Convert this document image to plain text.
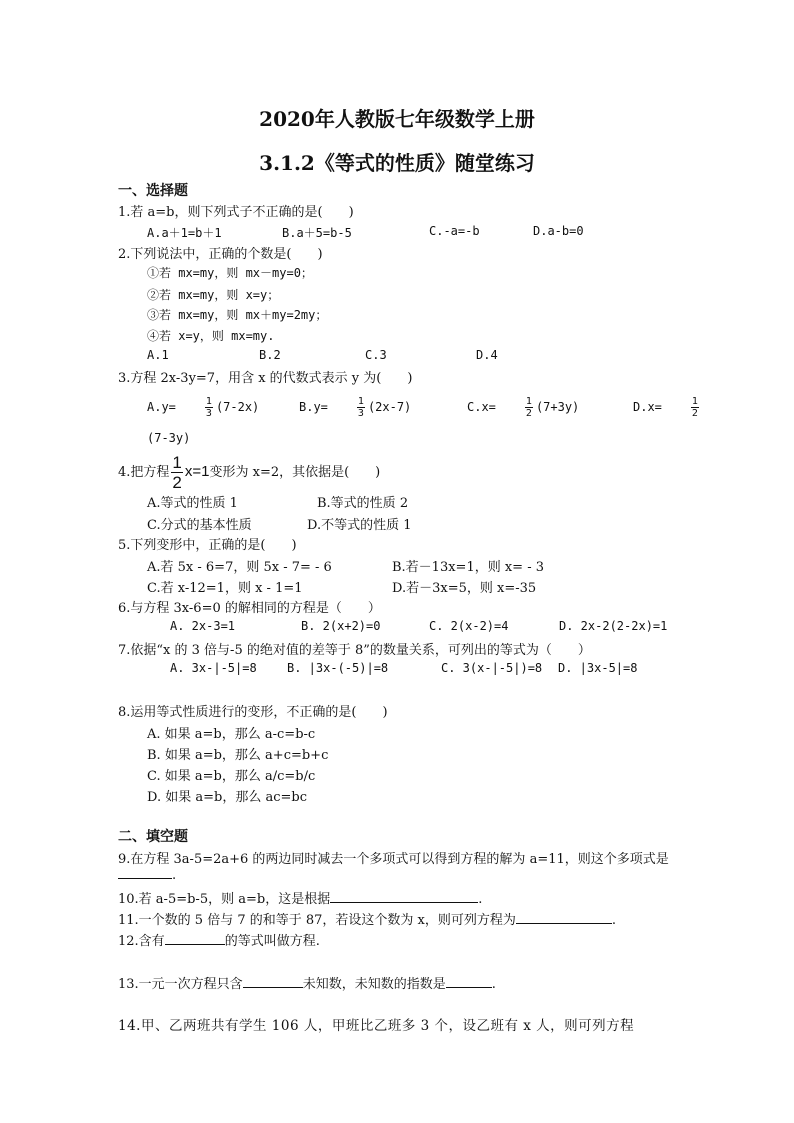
2020年人教版七年级数学上册
3.1.2《等式的性质》随堂练习
一、选择题
1.若 a=b，则下列式子不正确的是(　　)
A.a＋1=b＋1	B.a＋5=b-5	C.-a=-b	D.a-b=0
2.下列说法中，正确的个数是(　　)
①若 mx=my，则 mx－my=0；
②若 mx=my，则 x=y；
③若 mx=my，则 mx＋my=2my；
④若 x=y，则 mx=my.
A.1	B.2	C.3	D.4
3.方程 2x-3y=7，用含 x 的代数式表示 y 为(　　)
A.y=	$\frac{1}{3} (7-2x)$	B.y=	$\frac{1}{3} (2x-7)$	C.x=	$\frac{1}{2} (7+3y)$	D.x=	$\frac{1}{2}$
(7-3y)
4.把方程 $\frac{1}{2} x=1$变形为 x=2，其依据是(　　)
A.等式的性质 1	B.等式的性质 2
C.分式的基本性质	D.不等式的性质 1
5.下列变形中，正确的是(　　)
A.若 5x - 6=7，则 5x - 7= - 6	B.若－13x=1，则 x= - 3
C.若 x-12=1，则 x - 1=1	D.若－3x=5，则 x=-35
6.与方程 3x-6=0 的解相同的方程是（　　）
A. 2x-3=1	B. 2(x+2)=0	C. 2(x-2)=4	D. 2x-2(2-2x)=1
7.依据“x 的 3 倍与-5 的绝对值的差等于 8”的数量关系，可列出的等式为（　　）
A. 3x-|-5|=8	B. |3x-(-5)|=8	C. 3(x-|-5|)=8 D. |3x-5|=8
8.运用等式性质进行的变形，不正确的是(　　)
A. 如果 a=b，那么 a-c=b-c
B. 如果 a=b，那么 a+c=b+c
C. 如果 a=b，那么 a/c=b/c
D. 如果 a=b，那么 ac=bc
二、填空题
9.在方程 3a-5=2a+6 的两边同时减去一个多项式可以得到方程的解为 a=11，则这个多项式是
.
10.若 a-5=b-5，则 a=b，这是根据	.
11.一个数的 5 倍与 7 的和等于 87，若设这个数为 x，则可列方程为	.
12.含有	的等式叫做方程.
13.一元一次方程只含	未知数，未知数的指数是	.
14.甲、乙两班共有学生 106 人，甲班比乙班多 3 个，设乙班有 x 人，则可列方程
